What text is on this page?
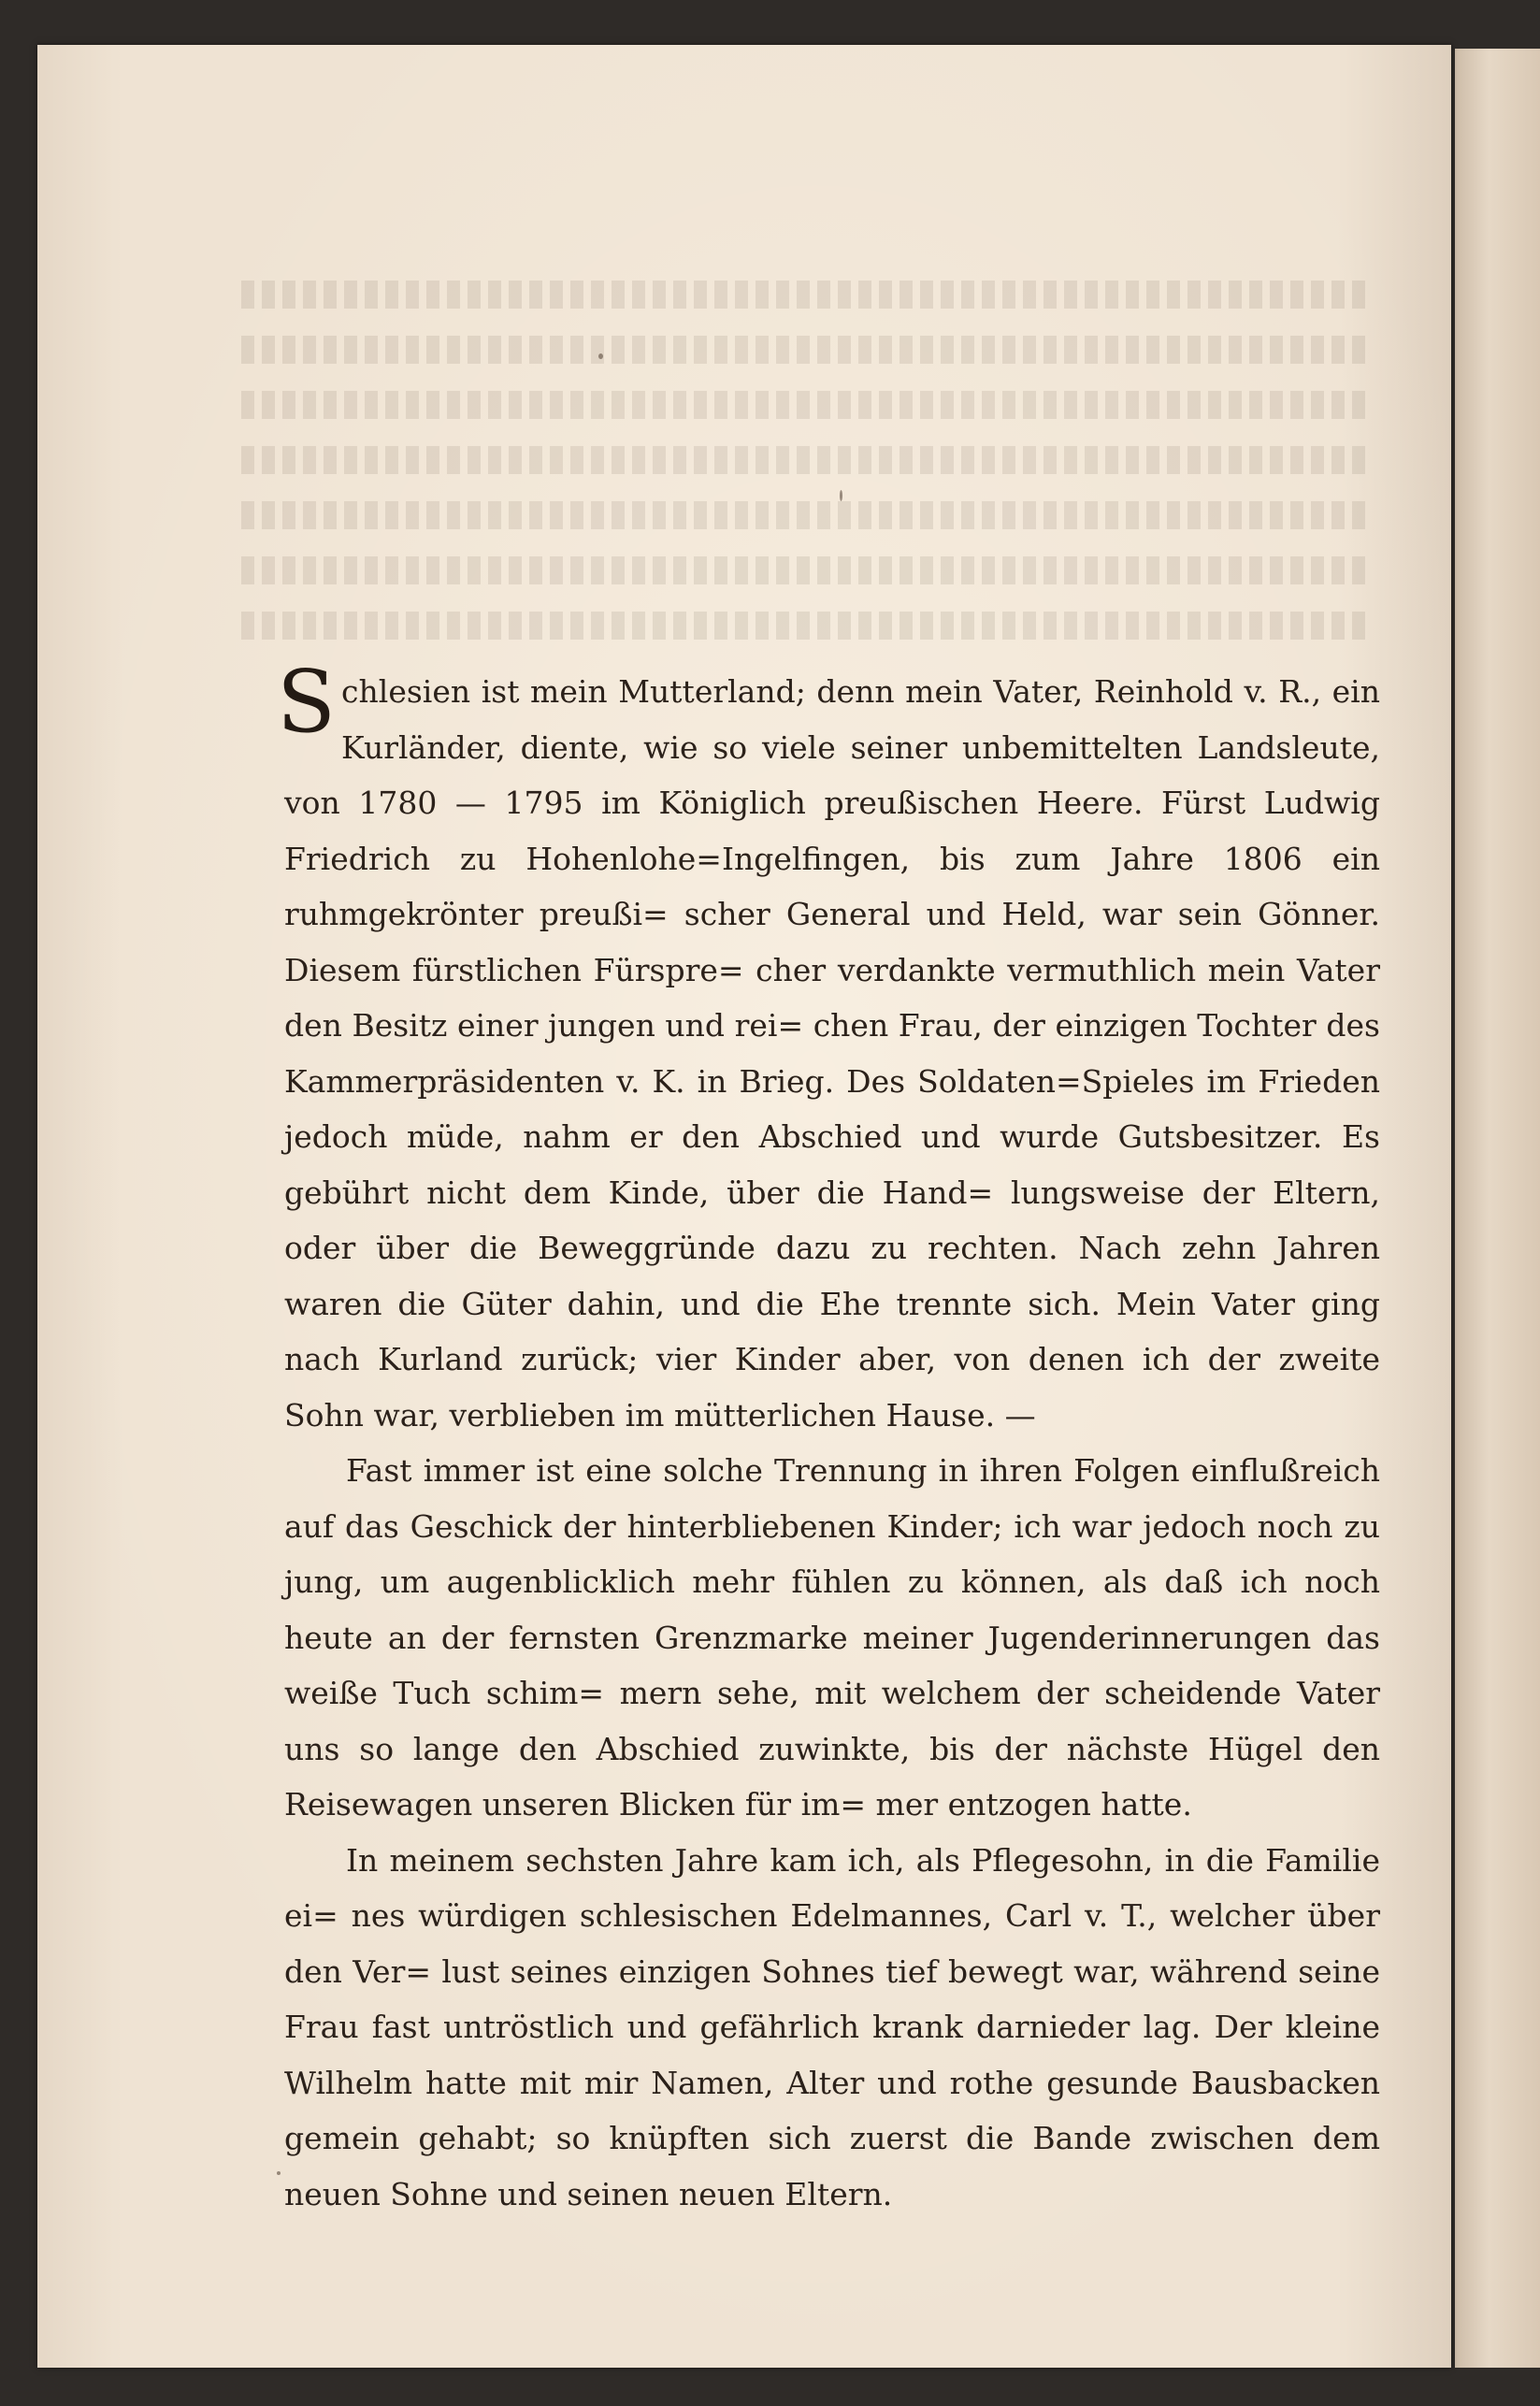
Schlesien ist mein Mutterland; denn mein Vater, Reinhold v. R., ein Kurländer, diente, wie so viele seiner unbemittelten Landsleute, von 1780 — 1795 im Königlich preußischen Heere. Fürst Ludwig Friedrich zu Hohenlohe=Ingelfingen, bis zum Jahre 1806 ein ruhmgekrönter preußi= scher General und Held, war sein Gönner. Diesem fürstlichen Fürspre= cher verdankte vermuthlich mein Vater den Besitz einer jungen und rei= chen Frau, der einzigen Tochter des Kammerpräsidenten v. K. in Brieg. Des Soldaten=Spieles im Frieden jedoch müde, nahm er den Abschied und wurde Gutsbesitzer. Es gebührt nicht dem Kinde, über die Hand= lungsweise der Eltern, oder über die Beweggründe dazu zu rechten. Nach zehn Jahren waren die Güter dahin, und die Ehe trennte sich. Mein Vater ging nach Kurland zurück; vier Kinder aber, von denen ich der zweite Sohn war, verblieben im mütterlichen Hause. —

Fast immer ist eine solche Trennung in ihren Folgen einflußreich auf das Geschick der hinterbliebenen Kinder; ich war jedoch noch zu jung, um augenblicklich mehr fühlen zu können, als daß ich noch heute an der fernsten Grenzmarke meiner Jugenderinnerungen das weiße Tuch schim= mern sehe, mit welchem der scheidende Vater uns so lange den Abschied zuwinkte, bis der nächste Hügel den Reisewagen unseren Blicken für im= mer entzogen hatte.

In meinem sechsten Jahre kam ich, als Pflegesohn, in die Familie ei= nes würdigen schlesischen Edelmannes, Carl v. T., welcher über den Ver= lust seines einzigen Sohnes tief bewegt war, während seine Frau fast untröstlich und gefährlich krank darnieder lag. Der kleine Wilhelm hatte mit mir Namen, Alter und rothe gesunde Bausbacken gemein gehabt; so knüpften sich zuerst die Bande zwischen dem neuen Sohne und seinen neuen Eltern.
